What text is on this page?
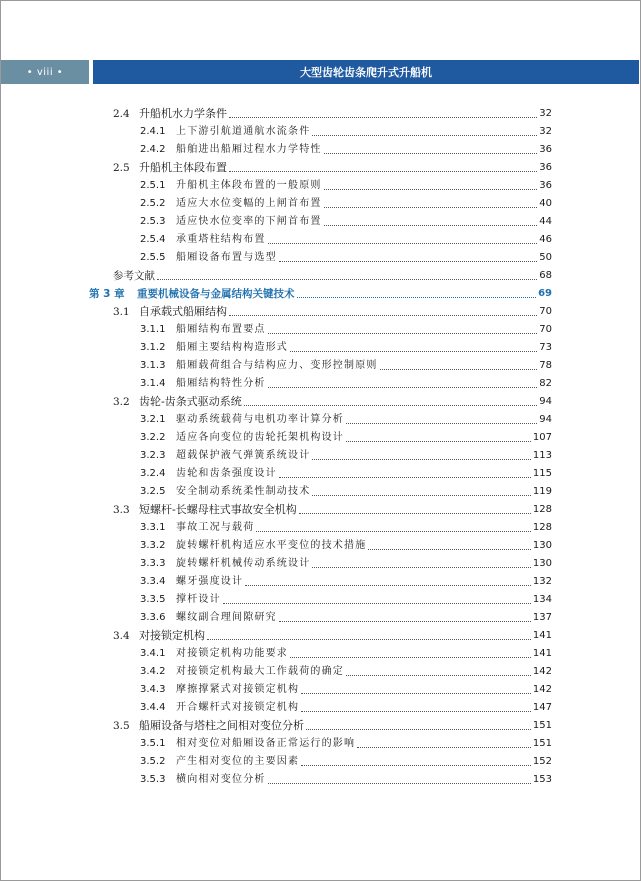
• viii •	大型齿轮齿条爬升式升船机
2.4 升船机水力学条件	32
2.4.1	上下游引航道通航水流条件	32
2.4.2	船舶进出船厢过程水力学特性	36
2.5 升船机主体段布置	36
2.5.1	升船机主体段布置的一般原则	36
2.5.2	适应大水位变幅的上闸首布置	40
2.5.3	适应快水位变率的下闸首布置	44
2.5.4	承重塔柱结构布置	46
2.5.5	船厢设备布置与选型	50
参考文献	68
第 3 章	重要机械设备与金属结构关键技术	69
3.1 自承载式船厢结构	70
3.1.1	船厢结构布置要点	70
3.1.2	船厢主要结构构造形式	73
3.1.3	船厢载荷组合与结构应力、变形控制原则	78
3.1.4	船厢结构特性分析	82
3.2 齿轮-齿条式驱动系统	94
3.2.1	驱动系统载荷与电机功率计算分析	94
3.2.2	适应各向变位的齿轮托架机构设计	107
3.2.3	超载保护液气弹簧系统设计	113
3.2.4	齿轮和齿条强度设计	115
3.2.5	安全制动系统柔性制动技术	119
3.3 短螺杆-长螺母柱式事故安全机构	128
3.3.1	事故工况与载荷	128
3.3.2	旋转螺杆机构适应水平变位的技术措施	130
3.3.3	旋转螺杆机械传动系统设计	130
3.3.4	螺牙强度设计	132
3.3.5	撑杆设计	134
3.3.6	螺纹副合理间隙研究	137
3.4 对接锁定机构	141
3.4.1	对接锁定机构功能要求	141
3.4.2	对接锁定机构最大工作载荷的确定	142
3.4.3	摩擦撑紧式对接锁定机构	142
3.4.4	开合螺杆式对接锁定机构	147
3.5 船厢设备与塔柱之间相对变位分析	151
3.5.1	相对变位对船厢设备正常运行的影响	151
3.5.2	产生相对变位的主要因素	152
3.5.3	横向相对变位分析	153
